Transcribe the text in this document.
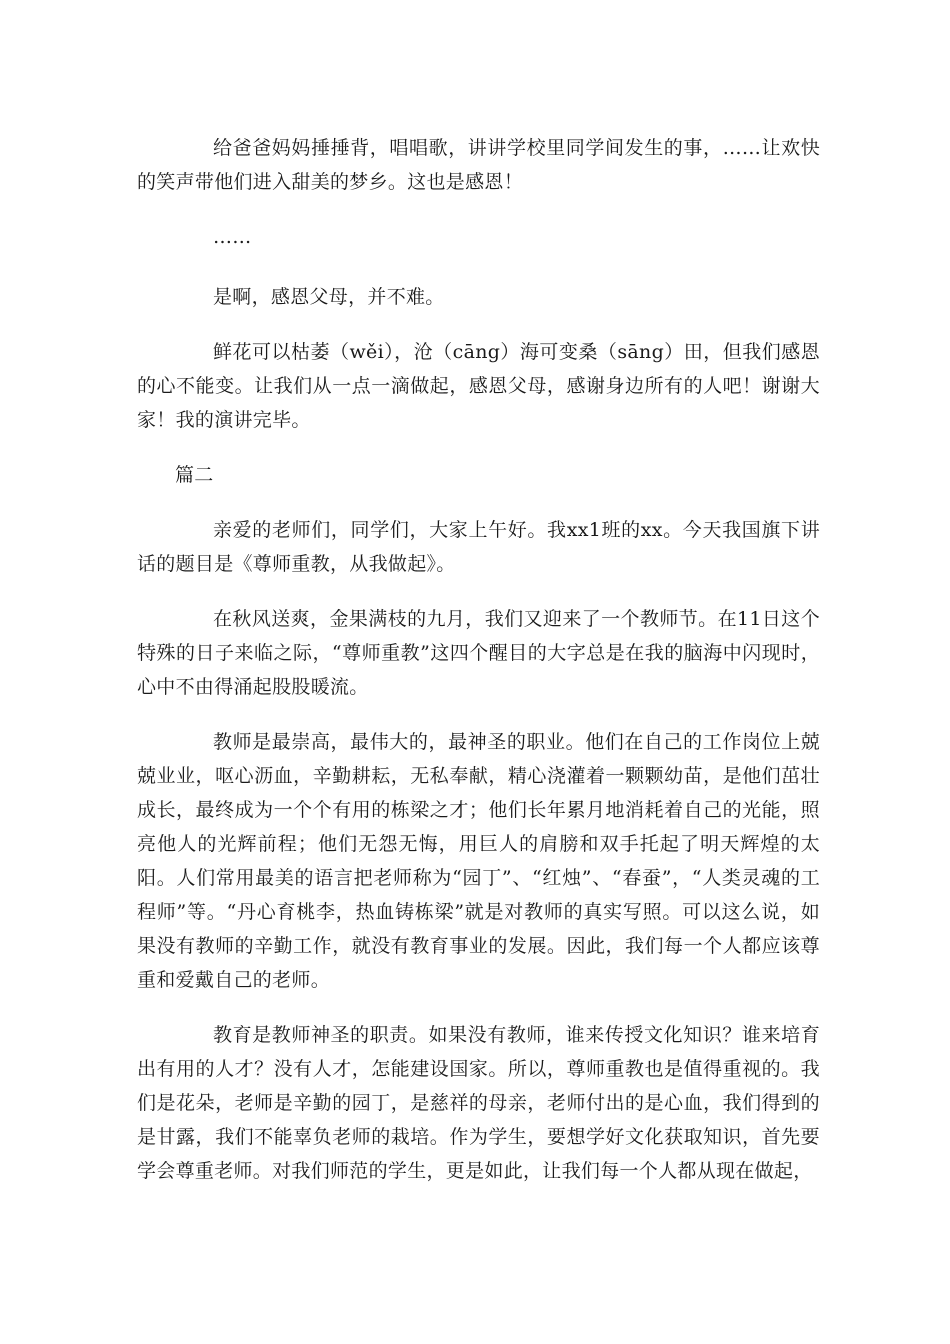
给爸爸妈妈捶捶背，唱唱歌，讲讲学校里同学间发生的事，……让欢快的笑声带他们进入甜美的梦乡。这也是感恩！

……

是啊，感恩父母，并不难。

鲜花可以枯萎（wěi），沧（cāng）海可变桑（sāng）田，但我们感恩的心不能变。让我们从一点一滴做起，感恩父母，感谢身边所有的人吧！谢谢大家！我的演讲完毕。

篇二

亲爱的老师们，同学们，大家上午好。我xx1班的xx。今天我国旗下讲话的题目是《尊师重教，从我做起》。

在秋风送爽，金果满枝的九月，我们又迎来了一个教师节。在11日这个特殊的日子来临之际，“尊师重教”这四个醒目的大字总是在我的脑海中闪现时，心中不由得涌起股股暖流。

教师是最崇高，最伟大的，最神圣的职业。他们在自己的工作岗位上兢兢业业，呕心沥血，辛勤耕耘，无私奉献，精心浇灌着一颗颗幼苗，是他们茁壮成长，最终成为一个个有用的栋梁之才；他们长年累月地消耗着自己的光能，照亮他人的光辉前程；他们无怨无悔，用巨人的肩膀和双手托起了明天辉煌的太阳。人们常用最美的语言把老师称为“园丁”、“红烛”、“春蚕”，“人类灵魂的工程师”等。“丹心育桃李，热血铸栋梁”就是对教师的真实写照。可以这么说，如果没有教师的辛勤工作，就没有教育事业的发展。因此，我们每一个人都应该尊重和爱戴自己的老师。

教育是教师神圣的职责。如果没有教师，谁来传授文化知识？谁来培育出有用的人才？没有人才，怎能建设国家。所以，尊师重教也是值得重视的。我们是花朵，老师是辛勤的园丁，是慈祥的母亲，老师付出的是心血，我们得到的是甘露，我们不能辜负老师的栽培。作为学生，要想学好文化获取知识，首先要学会尊重老师。对我们师范的学生，更是如此，让我们每一个人都从现在做起，
